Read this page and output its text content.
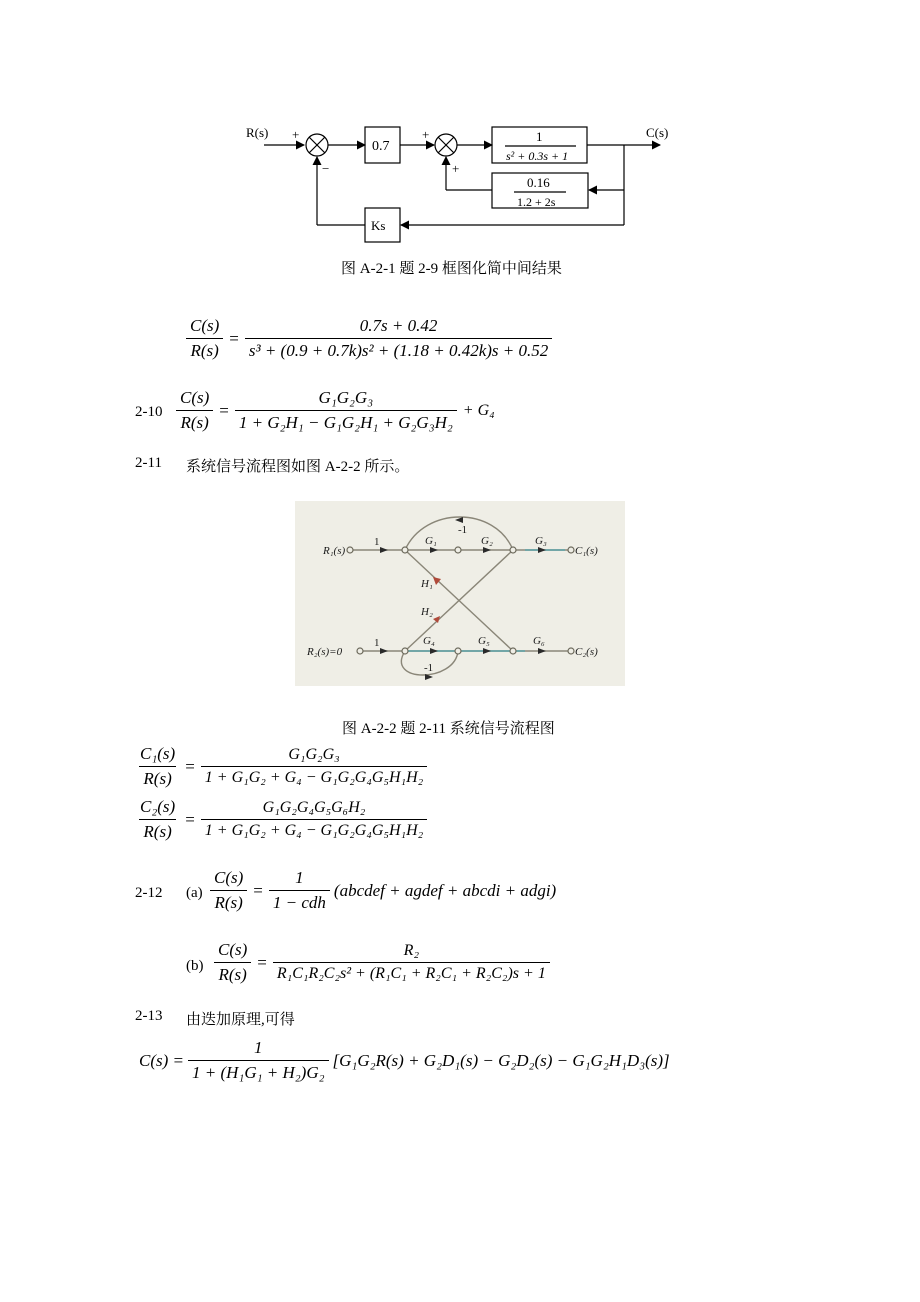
R(s)	C(s)
+
−
+
+
0.7
1
s² + 0.3s + 1
0.16
1.2 + 2s
Ks
图 A-2-1 题 2-9 框图化简中间结果
$\frac{C(s)}{R(s)} = \frac{0.7s + 0.42}{\text{s³ + (0.9 + 0.7k)s² + (1.18 + 0.42k)s + 0.52}}$
$2-10 \frac{C(s)}{R(s)} = \frac{\text{G₁G₂G₃}}{\text{1 + G₂H₁ − G₁G₂H₁ + G₂G₃H₂}} + G_4$
2-11 系统信号流程图如图 A-2-2 所示。
R₁(s)
R₂(s)=0
C₁(s)
C₂(s)
G₁	G₂	G₃
G₄	G₅	G₆
H₁
H₂
1
1
-1
-1
图 A-2-2 题 2-11 系统信号流程图
$\frac{\text{C₁(s)}}{R(s)} = \frac{\text{G₁G₂G₃}}{\text{1 + G₁G₂ + G₄ − G₁G₂G₄G₅H₁H₂}}$
$\frac{\text{C₂(s)}}{R(s)} = \frac{\text{G₁G₂G₄G₅G₆H₂}}{\text{1 + G₁G₂ + G₄ − G₁G₂G₄G₅H₁H₂}}$
2-12 $(a) \frac{C(s)}{R(s)} = \frac{1}{\text{1 − cdh}}$ (abcdef + agdef + abcdi + adgi)
$(b) \frac{C(s)}{R(s)} = \frac{\text{R₂}}{\text{R₁C₁R₂C₂s² + (R₁C₁ + R₂C₁ + R₂C₂)s + 1}}$
2-13 由迭加原理,可得
$C(s) = \frac{1}{\text{1 + (H₁G₁ + H₂)G₂}} [G_1G_2R(s) + G_2D_1(s) - G_2D_2(s) - G_1G_2H_1D_3(s)]$
